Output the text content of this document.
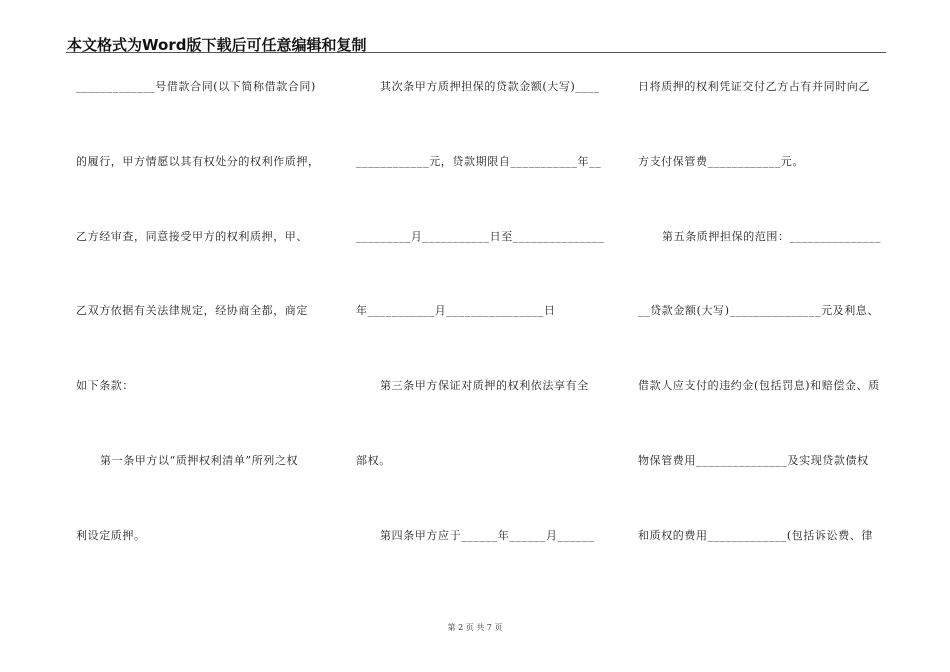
本文格式为Word版下载后可任意编辑和复制
_____________号借款合同(以下简称借款合同)
的履行，甲方情愿以其有权处分的权利作质押，
乙方经审查，同意接受甲方的权利质押，甲、
乙双方依据有关法律规定，经协商全都，商定
如下条款：
第一条甲方以“质押权利清单”所列之权
利设定质押。
其次条甲方质押担保的贷款金额(大写)____
____________元，贷款期限自___________年__
_________月___________日至_______________
年___________月________________日
第三条甲方保证对质押的权利依法享有全
部权。
第四条甲方应于______年______月______
日将质押的权利凭证交付乙方占有并同时向乙
方支付保管费____________元。
第五条质押担保的范围：_______________
__贷款金额(大写)_______________元及利息、
借款人应支付的违约金(包括罚息)和赔偿金、质
物保管费用_______________及实现贷款债权
和质权的费用_____________(包括诉讼费、律
第 2 页 共 7 页
